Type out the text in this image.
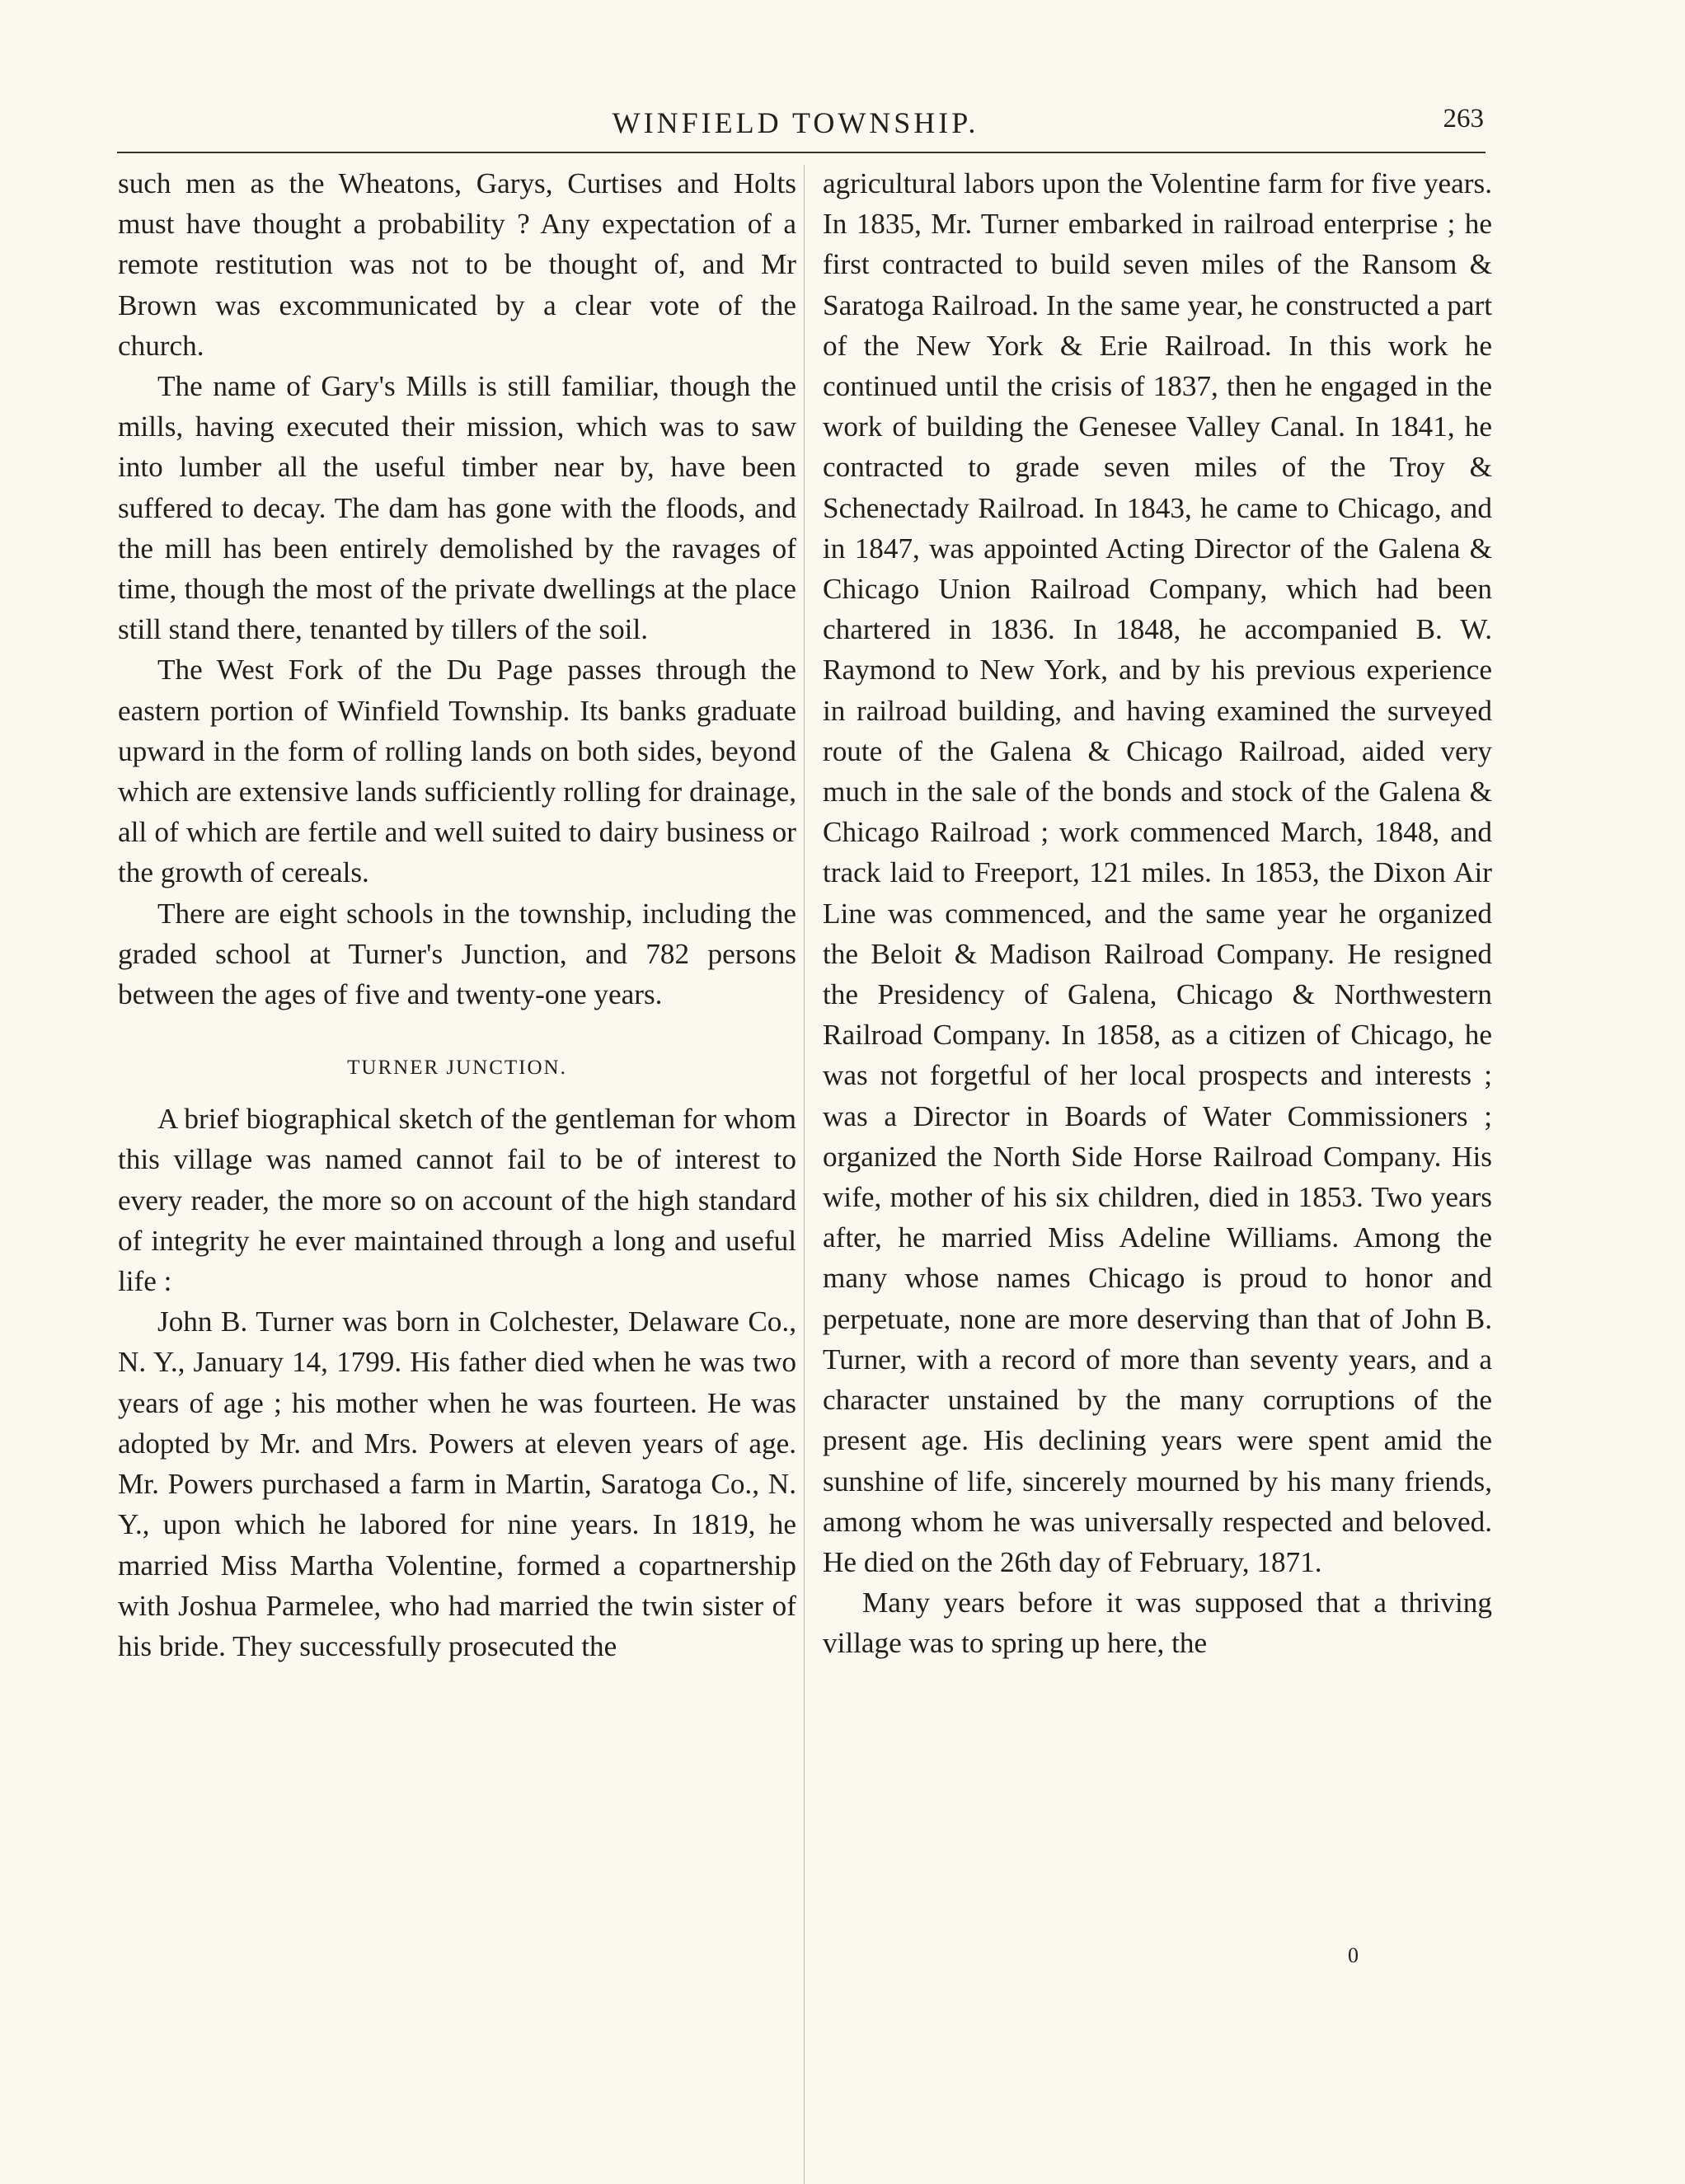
WINFIELD TOWNSHIP.	263

such men as the Wheatons, Garys, Curtises and Holts must have thought a probability ? Any expectation of a remote restitution was not to be thought of, and Mr Brown was excommunicated by a clear vote of the church.

The name of Gary's Mills is still familiar, though the mills, having executed their mission, which was to saw into lumber all the useful timber near by, have been suffered to decay. The dam has gone with the floods, and the mill has been entirely demolished by the ravages of time, though the most of the private dwellings at the place still stand there, tenanted by tillers of the soil.

The West Fork of the Du Page passes through the eastern portion of Winfield Township. Its banks graduate upward in the form of rolling lands on both sides, beyond which are extensive lands sufficiently rolling for drainage, all of which are fertile and well suited to dairy business or the growth of cereals.

There are eight schools in the township, including the graded school at Turner's Junction, and 782 persons between the ages of five and twenty-one years.

TURNER JUNCTION.

A brief biographical sketch of the gentleman for whom this village was named cannot fail to be of interest to every reader, the more so on account of the high standard of integrity he ever maintained through a long and useful life :

John B. Turner was born in Colchester, Delaware Co., N. Y., January 14, 1799. His father died when he was two years of age ; his mother when he was fourteen. He was adopted by Mr. and Mrs. Powers at eleven years of age. Mr. Powers purchased a farm in Martin, Saratoga Co., N. Y., upon which he labored for nine years. In 1819, he married Miss Martha Volentine, formed a copartnership with Joshua Parmelee, who had married the twin sister of his bride. They successfully prosecuted the

agricultural labors upon the Volentine farm for five years. In 1835, Mr. Turner embarked in railroad enterprise ; he first contracted to build seven miles of the Ransom & Saratoga Railroad. In the same year, he constructed a part of the New York & Erie Railroad. In this work he continued until the crisis of 1837, then he engaged in the work of building the Genesee Valley Canal. In 1841, he contracted to grade seven miles of the Troy & Schenectady Railroad. In 1843, he came to Chicago, and in 1847, was appointed Acting Director of the Galena & Chicago Union Railroad Company, which had been chartered in 1836. In 1848, he accompanied B. W. Raymond to New York, and by his previous experience in railroad building, and having examined the surveyed route of the Galena & Chicago Railroad, aided very much in the sale of the bonds and stock of the Galena & Chicago Railroad ; work commenced March, 1848, and track laid to Freeport, 121 miles. In 1853, the Dixon Air Line was commenced, and the same year he organized the Beloit & Madison Railroad Company. He resigned the Presidency of Galena, Chicago & Northwestern Railroad Company. In 1858, as a citizen of Chicago, he was not forgetful of her local prospects and interests ; was a Director in Boards of Water Commissioners ; organized the North Side Horse Railroad Company. His wife, mother of his six children, died in 1853. Two years after, he married Miss Adeline Williams. Among the many whose names Chicago is proud to honor and perpetuate, none are more deserving than that of John B. Turner, with a record of more than seventy years, and a character unstained by the many corruptions of the present age. His declining years were spent amid the sunshine of life, sincerely mourned by his many friends, among whom he was universally respected and beloved. He died on the 26th day of February, 1871.

Many years before it was supposed that a thriving village was to spring up here, the

0
